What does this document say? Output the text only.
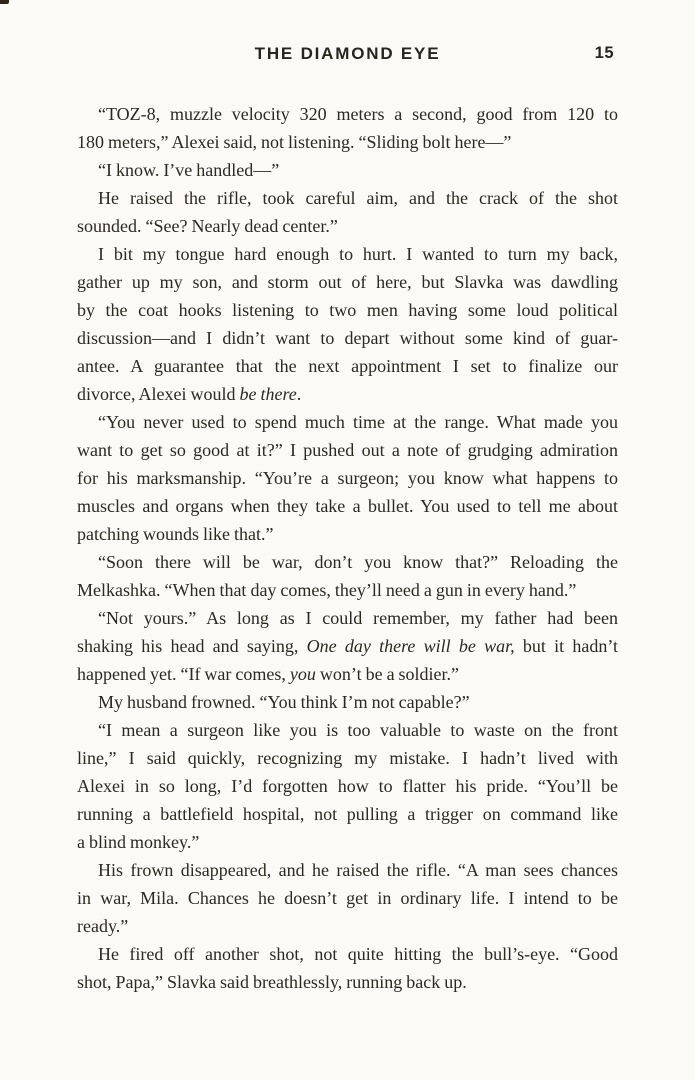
THE DIAMOND EYE	15
“TOZ-8, muzzle velocity 320 meters a second, good from 120 to
180 meters,” Alexei said, not listening. “Sliding bolt here—”
“I know. I’ve handled—”
He raised the rifle, took careful aim, and the crack of the shot
sounded. “See? Nearly dead center.”
I bit my tongue hard enough to hurt. I wanted to turn my back,
gather up my son, and storm out of here, but Slavka was dawdling
by the coat hooks listening to two men having some loud political
discussion—and I didn’t want to depart without some kind of guar-
antee. A guarantee that the next appointment I set to finalize our
divorce, Alexei would be there.
“You never used to spend much time at the range. What made you
want to get so good at it?” I pushed out a note of grudging admiration
for his marksmanship. “You’re a surgeon; you know what happens to
muscles and organs when they take a bullet. You used to tell me about
patching wounds like that.”
“Soon there will be war, don’t you know that?” Reloading the
Melkashka. “When that day comes, they’ll need a gun in every hand.”
“Not yours.” As long as I could remember, my father had been
shaking his head and saying, One day there will be war, but it hadn’t
happened yet. “If war comes, you won’t be a soldier.”
My husband frowned. “You think I’m not capable?”
“I mean a surgeon like you is too valuable to waste on the front
line,” I said quickly, recognizing my mistake. I hadn’t lived with
Alexei in so long, I’d forgotten how to flatter his pride. “You’ll be
running a battlefield hospital, not pulling a trigger on command like
a blind monkey.”
His frown disappeared, and he raised the rifle. “A man sees chances
in war, Mila. Chances he doesn’t get in ordinary life. I intend to be
ready.”
He fired off another shot, not quite hitting the bull’s-eye. “Good
shot, Papa,” Slavka said breathlessly, running back up.
